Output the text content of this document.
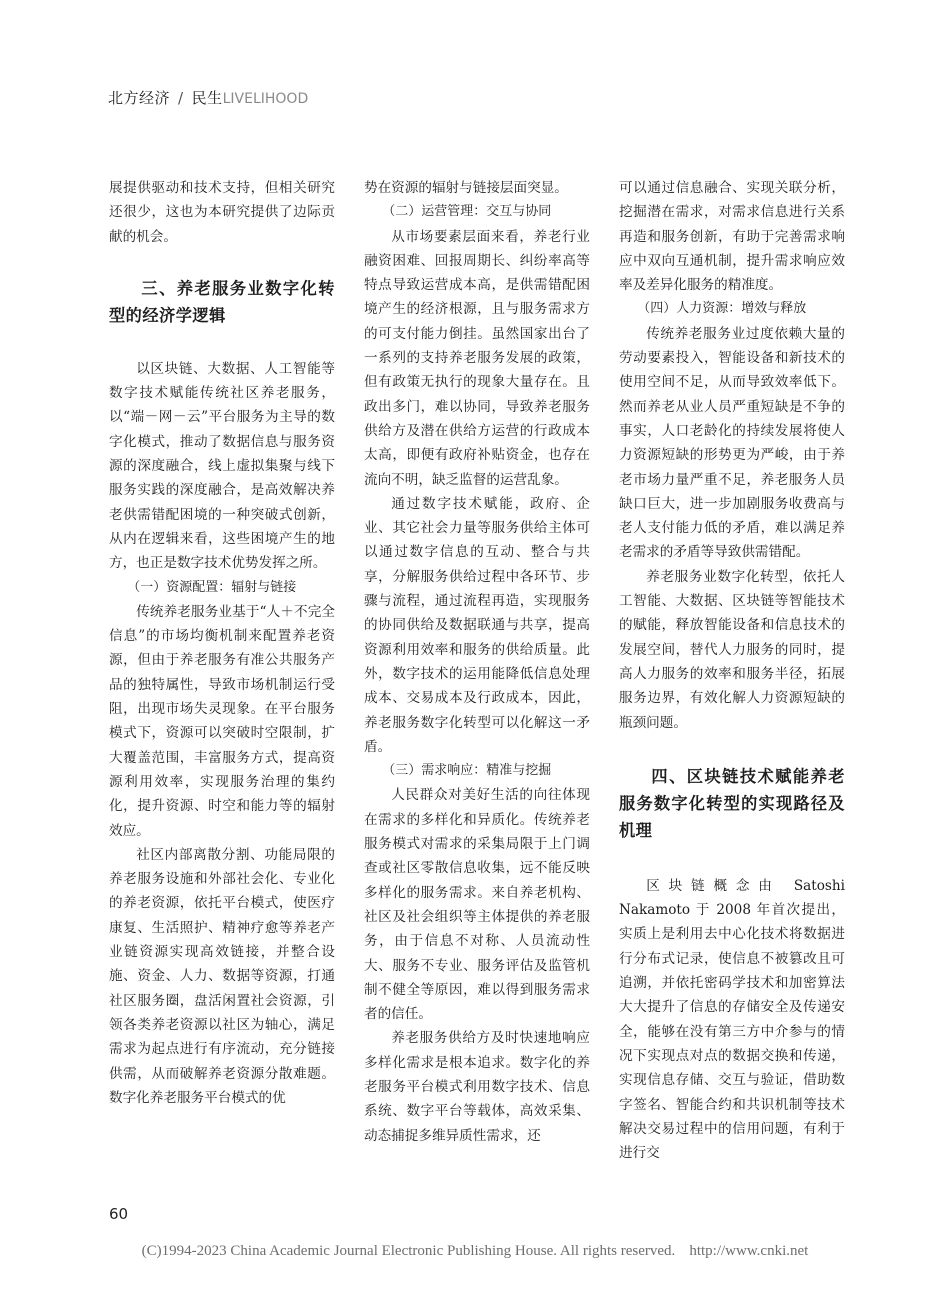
北方经济 / 民生LIVELIHOOD

展提供驱动和技术支持，但相关研究还很少，这也为本研究提供了边际贡献的机会。

三、养老服务业数字化转型的经济学逻辑

以区块链、大数据、人工智能等数字技术赋能传统社区养老服务，以“端－网－云”平台服务为主导的数字化模式，推动了数据信息与服务资源的深度融合，线上虚拟集聚与线下服务实践的深度融合，是高效解决养老供需错配困境的一种突破式创新，从内在逻辑来看，这些困境产生的地方，也正是数字技术优势发挥之所。

（一）资源配置：辐射与链接

传统养老服务业基于“人＋不完全信息”的市场均衡机制来配置养老资源，但由于养老服务有准公共服务产品的独特属性，导致市场机制运行受阻，出现市场失灵现象。在平台服务模式下，资源可以突破时空限制，扩大覆盖范围，丰富服务方式，提高资源利用效率，实现服务治理的集约化，提升资源、时空和能力等的辐射效应。

社区内部离散分割、功能局限的养老服务设施和外部社会化、专业化的养老资源，依托平台模式，使医疗康复、生活照护、精神疗愈等养老产业链资源实现高效链接，并整合设施、资金、人力、数据等资源，打通社区服务圈，盘活闲置社会资源，引领各类养老资源以社区为轴心，满足需求为起点进行有序流动，充分链接供需，从而破解养老资源分散难题。数字化养老服务平台模式的优

势在资源的辐射与链接层面突显。

（二）运营管理：交互与协同

从市场要素层面来看，养老行业融资困难、回报周期长、纠纷率高等特点导致运营成本高，是供需错配困境产生的经济根源，且与服务需求方的可支付能力倒挂。虽然国家出台了一系列的支持养老服务发展的政策，但有政策无执行的现象大量存在。且政出多门，难以协同，导致养老服务供给方及潜在供给方运营的行政成本太高，即便有政府补贴资金，也存在流向不明，缺乏监督的运营乱象。

通过数字技术赋能，政府、企业、其它社会力量等服务供给主体可以通过数字信息的互动、整合与共享，分解服务供给过程中各环节、步骤与流程，通过流程再造，实现服务的协同供给及数据联通与共享，提高资源利用效率和服务的供给质量。此外，数字技术的运用能降低信息处理成本、交易成本及行政成本，因此，养老服务数字化转型可以化解这一矛盾。

（三）需求响应：精准与挖掘

人民群众对美好生活的向往体现在需求的多样化和异质化。传统养老服务模式对需求的采集局限于上门调查或社区零散信息收集，远不能反映多样化的服务需求。来自养老机构、社区及社会组织等主体提供的养老服务，由于信息不对称、人员流动性大、服务不专业、服务评估及监管机制不健全等原因，难以得到服务需求者的信任。

养老服务供给方及时快速地响应多样化需求是根本追求。数字化的养老服务平台模式利用数字技术、信息系统、数字平台等载体，高效采集、动态捕捉多维异质性需求，还

可以通过信息融合、实现关联分析，挖掘潜在需求，对需求信息进行关系再造和服务创新，有助于完善需求响应中双向互通机制，提升需求响应效率及差异化服务的精准度。

（四）人力资源：增效与释放

传统养老服务业过度依赖大量的劳动要素投入，智能设备和新技术的使用空间不足，从而导致效率低下。然而养老从业人员严重短缺是不争的事实，人口老龄化的持续发展将使人力资源短缺的形势更为严峻，由于养老市场力量严重不足，养老服务人员缺口巨大，进一步加剧服务收费高与老人支付能力低的矛盾，难以满足养老需求的矛盾等导致供需错配。

养老服务业数字化转型，依托人工智能、大数据、区块链等智能技术的赋能，释放智能设备和信息技术的发展空间，替代人力服务的同时，提高人力服务的效率和服务半径，拓展服务边界，有效化解人力资源短缺的瓶颈问题。

四、区块链技术赋能养老服务数字化转型的实现路径及机理

区块链概念由 Satoshi Nakamoto 于 2008 年首次提出，实质上是利用去中心化技术将数据进行分布式记录，使信息不被篡改且可追溯，并依托密码学技术和加密算法大大提升了信息的存储安全及传递安全，能够在没有第三方中介参与的情况下实现点对点的数据交换和传递，实现信息存储、交互与验证，借助数字签名、智能合约和共识机制等技术解决交易过程中的信用问题，有利于进行交

60
(C)1994-2023 China Academic Journal Electronic Publishing House. All rights reserved. http://www.cnki.net
